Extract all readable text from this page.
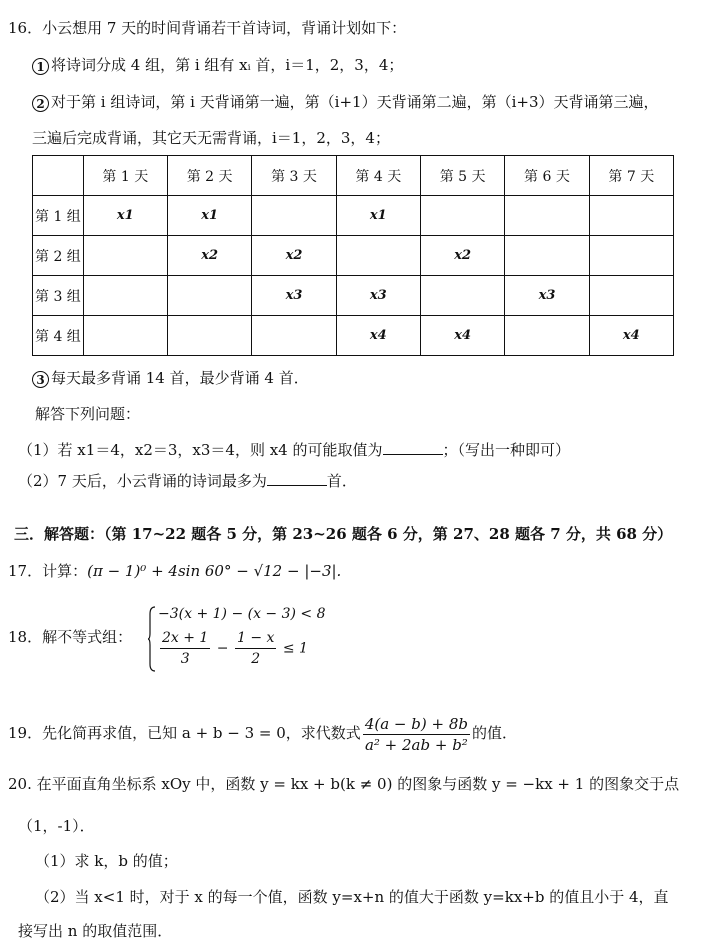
16．小云想用 7 天的时间背诵若干首诗词，背诵计划如下：
1 将诗词分成 4 组，第 i 组有 xᵢ 首，i＝1，2，3，4；
2 对于第 i 组诗词，第 i 天背诵第一遍，第（i+1）天背诵第二遍，第（i+3）天背诵第三遍，
三遍后完成背诵，其它天无需背诵，i＝1，2，3，4；
	第 1 天	第 2 天	第 3 天	第 4 天	第 5 天	第 6 天	第 7 天
第 1 组	x1	x1		x1			
第 2 组		x2	x2		x2		
第 3 组			x3	x3		x3	
第 4 组				x4	x4		x4
3 每天最多背诵 14 首，最少背诵 4 首．
解答下列问题：
（1）若 x1＝4，x2＝3，x3＝4，则 x4 的可能取值为	；（写出一种即可）
（2）7 天后，小云背诵的诗词最多为	首．
三．解答题：（第 17~22 题各 5 分，第 23~26 题各 6 分，第 27、28 题各 7 分，共 68 分）
17．计算：(π − 1)⁰ + 4sin 60° − √12 − |−3|.
18．解不等式组：
−3(x + 1) − (x − 3) < 8
$\frac{2x + 1}{3} - \frac{1 - x}{2} \le 1$
19．先化简再求值，已知 a + b − 3 = 0，求代数式 $\frac{4(a - b) + 8b}{\text{a² + 2ab + b²}}$ 的值．
20. 在平面直角坐标系 xOy 中，函数 y = kx + b(k ≠ 0) 的图象与函数 y = −kx + 1 的图象交于点
（1，-1）．
（1）求 k，b 的值；
（2）当 x<1 时，对于 x 的每一个值，函数 y=x+n 的值大于函数 y=kx+b 的值且小于 4，直
接写出 n 的取值范围．
